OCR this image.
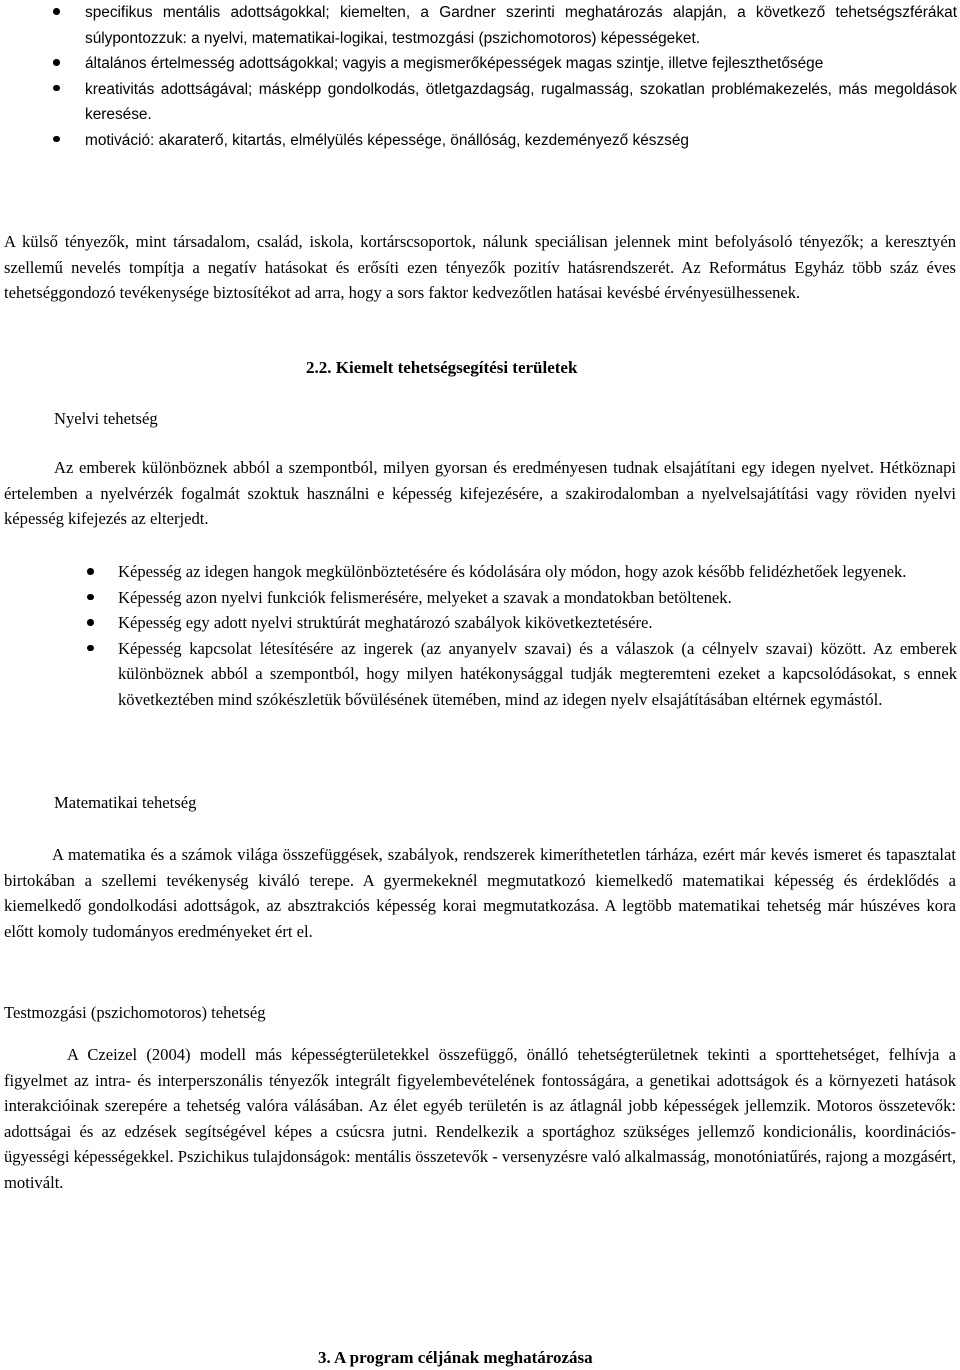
specifikus mentális adottságokkal; kiemelten, a Gardner szerinti meghatározás alapján, a következő tehetségszférákat súlypontozzuk: a nyelvi, matematikai-logikai, testmozgási (pszichomotoros) képességeket.
általános értelmesség adottságokkal; vagyis a megismerőképességek magas szintje, illetve fejleszthetősége
kreativitás adottságával; másképp gondolkodás, ötletgazdagság, rugalmasság, szokatlan problémakezelés, más megoldások keresése.
motiváció: akaraterő, kitartás, elmélyülés képessége, önállóság, kezdeményező készség

A külső tényezők, mint társadalom, család, iskola, kortárscsoportok, nálunk speciálisan jelennek mint befolyásoló tényezők; a keresztyén szellemű nevelés tompítja a negatív hatásokat és erősíti ezen tényezők pozitív hatásrendszerét. Az Református Egyház több száz éves tehetséggondozó tevékenysége biztosítékot ad arra, hogy a sors faktor kedvezőtlen hatásai kevésbé érvényesülhessenek.

2.2. Kiemelt tehetségsegítési területek

Nyelvi tehetség

Az emberek különböznek abból a szempontból, milyen gyorsan és eredményesen tudnak elsajátítani egy idegen nyelvet. Hétköznapi értelemben a nyelvérzék fogalmát szoktuk használni e képesség kifejezésére, a szakirodalomban a nyelvelsajátítási vagy röviden nyelvi képesség kifejezés az elterjedt.

Képesség az idegen hangok megkülönböztetésére és kódolására oly módon, hogy azok később felidézhetőek legyenek.
Képesség azon nyelvi funkciók felismerésére, melyeket a szavak a mondatokban betöltenek.
Képesség egy adott nyelvi struktúrát meghatározó szabályok kikövetkeztetésére.
Képesség kapcsolat létesítésére az ingerek (az anyanyelv szavai) és a válaszok (a célnyelv szavai) között. Az emberek különböznek abból a szempontból, hogy milyen hatékonysággal tudják megteremteni ezeket a kapcsolódásokat, s ennek következtében mind szókészletük bővülésének ütemében, mind az idegen nyelv elsajátításában eltérnek egymástól.

Matematikai tehetség

A matematika és a számok világa összefüggések, szabályok, rendszerek kimeríthetetlen tárháza, ezért már kevés ismeret és tapasztalat birtokában a szellemi tevékenység kiváló terepe. A gyermekeknél megmutatkozó kiemelkedő matematikai képesség és érdeklődés a kiemelkedő gondolkodási adottságok, az absztrakciós képesség korai megmutatkozása. A legtöbb matematikai tehetség már húszéves kora előtt komoly tudományos eredményeket ért el.

Testmozgási (pszichomotoros) tehetség

A Czeizel (2004) modell más képességterületekkel összefüggő, önálló tehetségterületnek tekinti a sporttehetséget, felhívja a figyelmet az intra- és interperszonális tényezők integrált figyelembevételének fontosságára, a genetikai adottságok és a környezeti hatások interakcióinak szerepére a tehetség valóra válásában. Az élet egyéb területén is az átlagnál jobb képességek jellemzik. Motoros összetevők: adottságai és az edzések segítségével képes a csúcsra jutni. Rendelkezik a sportághoz szükséges jellemző kondicionális, koordinációs-ügyességi képességekkel. Pszichikus tulajdonságok: mentális összetevők - versenyzésre való alkalmasság, monotóniatűrés, rajong a mozgásért, motivált.

3. A program céljának meghatározása
